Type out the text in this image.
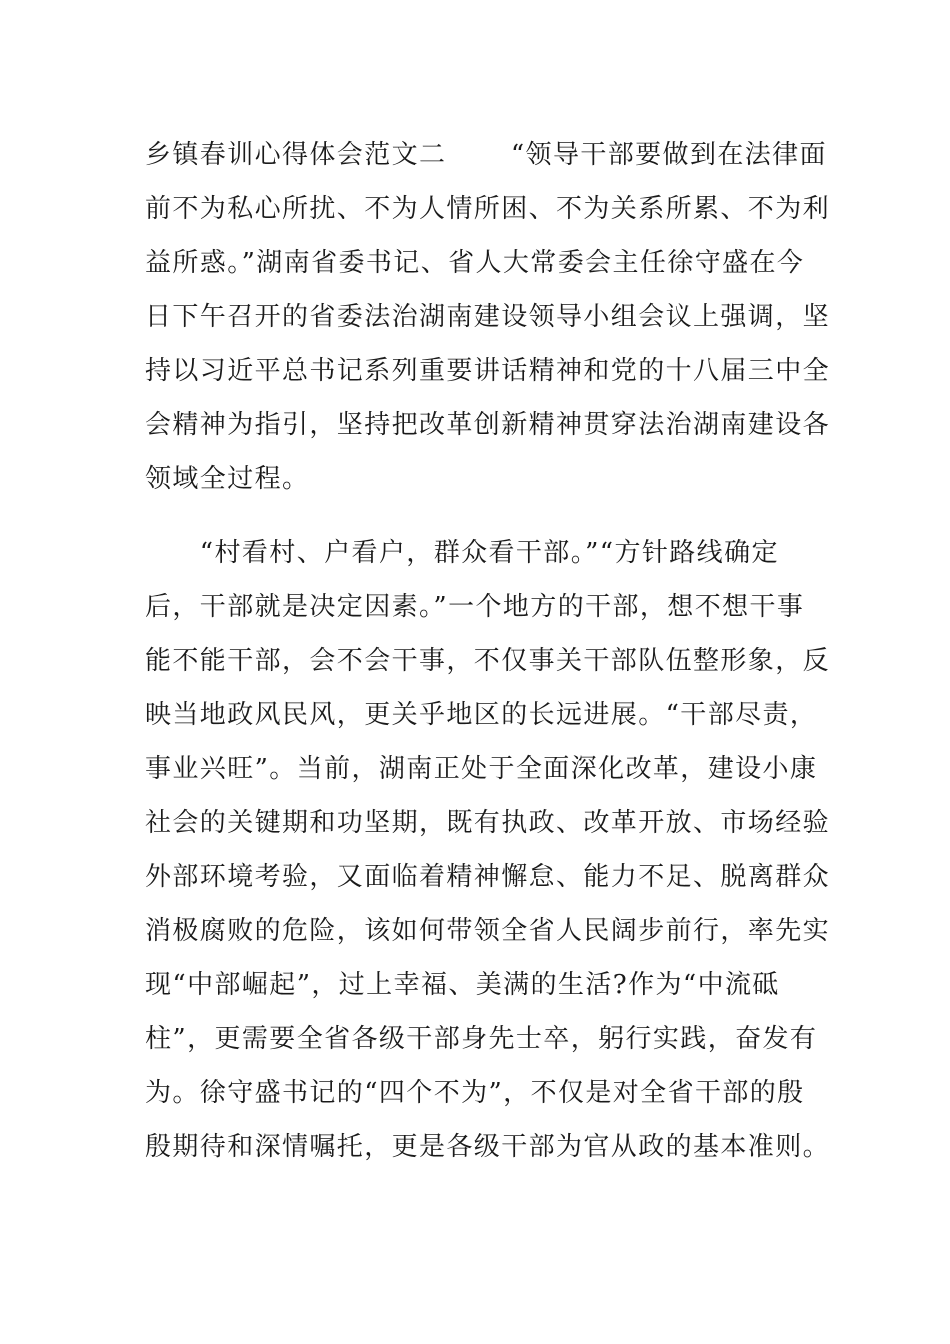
乡镇春训心得体会范文二 　　“领导干部要做到在法律面
前不为私心所扰、不为人情所困、不为关系所累、不为利
益所惑。”湖南省委书记、省人大常委会主任徐守盛在今
日下午召开的省委法治湖南建设领导小组会议上强调，坚
持以习近平总书记系列重要讲话精神和党的十八届三中全
会精神为指引，坚持把改革创新精神贯穿法治湖南建设各
领域全过程。
　　“村看村、户看户，群众看干部。”“方针路线确定
后，干部就是决定因素。”一个地方的干部，想不想干事
能不能干部，会不会干事，不仅事关干部队伍整形象，反
映当地政风民风，更关乎地区的长远进展。“干部尽责，
事业兴旺”。当前，湖南正处于全面深化改革，建设小康
社会的关键期和功坚期，既有执政、改革开放、市场经验
外部环境考验，又面临着精神懈怠、能力不足、脱离群众
消极腐败的危险，该如何带领全省人民阔步前行，率先实
现“中部崛起”，过上幸福、美满的生活?作为“中流砥
柱”，更需要全省各级干部身先士卒，躬行实践，奋发有
为。徐守盛书记的“四个不为”，不仅是对全省干部的殷
殷期待和深情嘱托，更是各级干部为官从政的基本准则。
